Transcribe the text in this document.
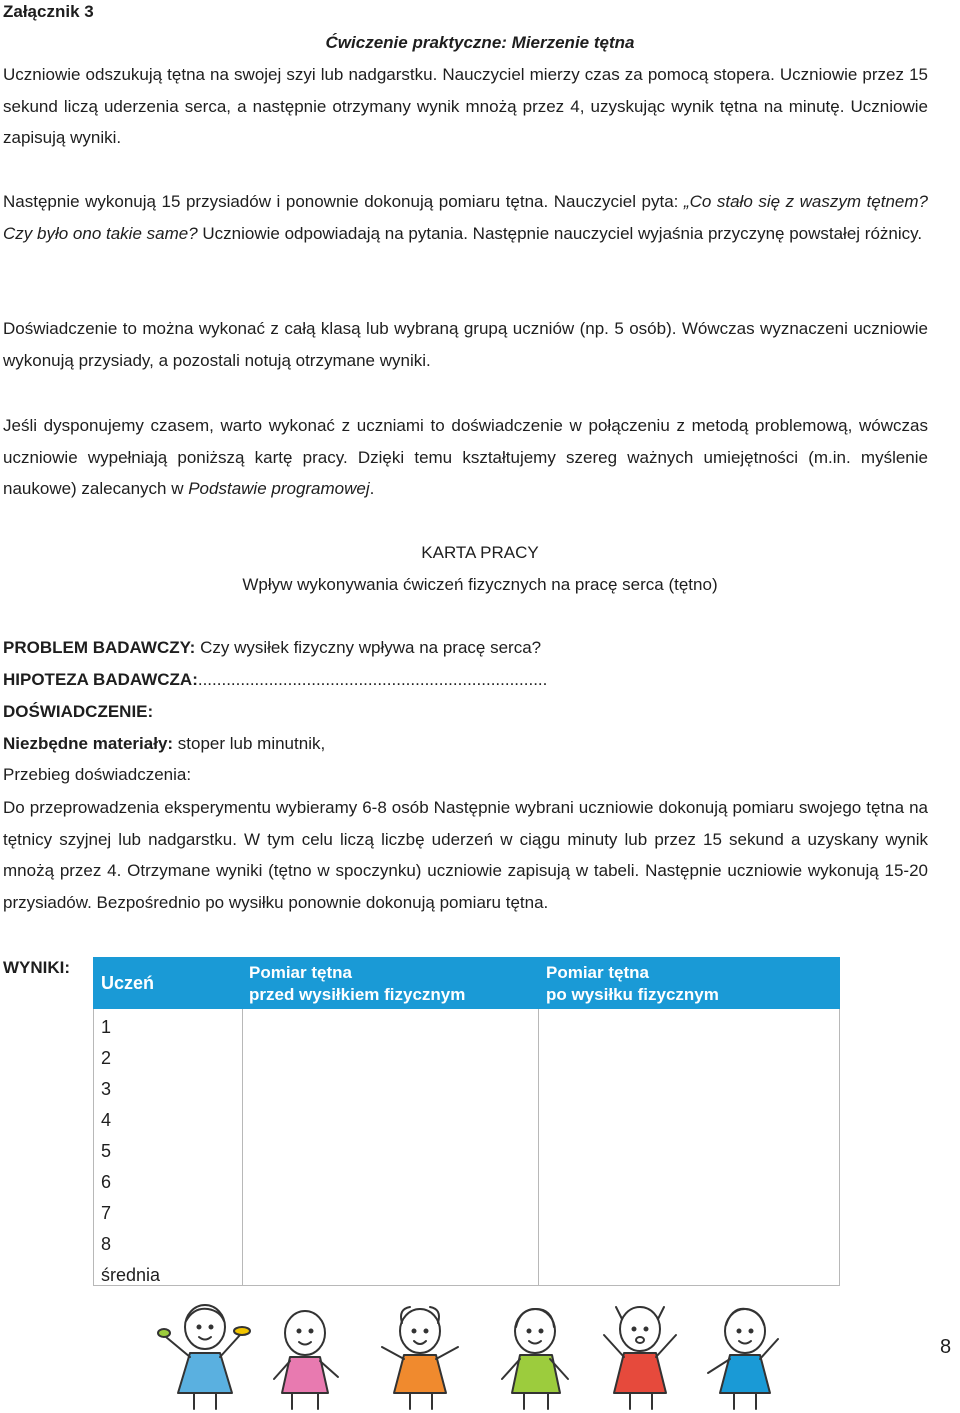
Załącznik 3
Ćwiczenie praktyczne: Mierzenie tętna

Uczniowie odszukują tętna na swojej szyi lub nadgarstku. Nauczyciel mierzy czas za pomocą stopera. Uczniowie przez 15 sekund liczą uderzenia serca, a następnie otrzymany wynik mnożą przez 4, uzyskując wynik tętna na minutę. Uczniowie zapisują wyniki.

Następnie wykonują 15 przysiadów i ponownie dokonują pomiaru tętna. Nauczyciel pyta: „Co stało się z waszym tętnem? Czy było ono takie same? Uczniowie odpowiadają na pytania. Następnie nauczyciel wyjaśnia przyczynę powstałej różnicy.

Doświadczenie to można wykonać z całą klasą lub wybraną grupą uczniów (np. 5 osób). Wówczas wyznaczeni uczniowie wykonują przysiady, a pozostali notują otrzymane wyniki.

Jeśli dysponujemy czasem, warto wykonać z uczniami to doświadczenie w połączeniu z metodą problemową, wówczas uczniowie wypełniają poniższą kartę pracy. Dzięki temu kształtujemy szereg ważnych umiejętności (m.in. myślenie naukowe) zalecanych w Podstawie programowej.

KARTA PRACY
Wpływ wykonywania ćwiczeń fizycznych na pracę serca (tętno)
PROBLEM BADAWCZY: Czy wysiłek fizyczny wpływa na pracę serca?
HIPOTEZA BADAWCZA:..........................................................................
DOŚWIADCZENIE:
Niezbędne materiały: stoper lub minutnik,
Przebieg doświadczenia:

Do przeprowadzenia eksperymentu wybieramy 6-8 osób Następnie wybrani uczniowie dokonują pomiaru swojego tętna na tętnicy szyjnej lub nadgarstku. W tym celu liczą liczbę uderzeń w ciągu minuty lub przez 15 sekund a uzyskany wynik mnożą przez 4. Otrzymane wyniki (tętno w spoczynku) uczniowie zapisują w tabeli. Następnie uczniowie wykonują 15-20 przysiadów. Bezpośrednio po wysiłku ponownie dokonują pomiaru tętna.

WYNIKI:
Uczeń
Pomiar tętna
przed wysiłkiem fizycznym
Pomiar tętna
po wysiłku fizycznym
1
2
3
4
5
6
7
8
średnia
8
